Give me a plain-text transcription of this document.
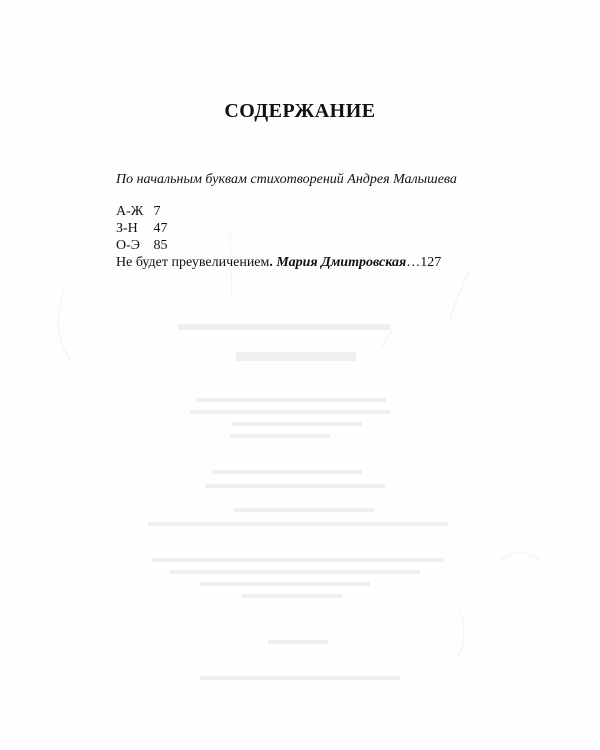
СОДЕРЖАНИЕ

По начальным буквам стихотворений Андрея Малышева

А-Ж 7
З-Н 47
О-Э 85
Не будет преувеличением. Мария Дмитровская…127
